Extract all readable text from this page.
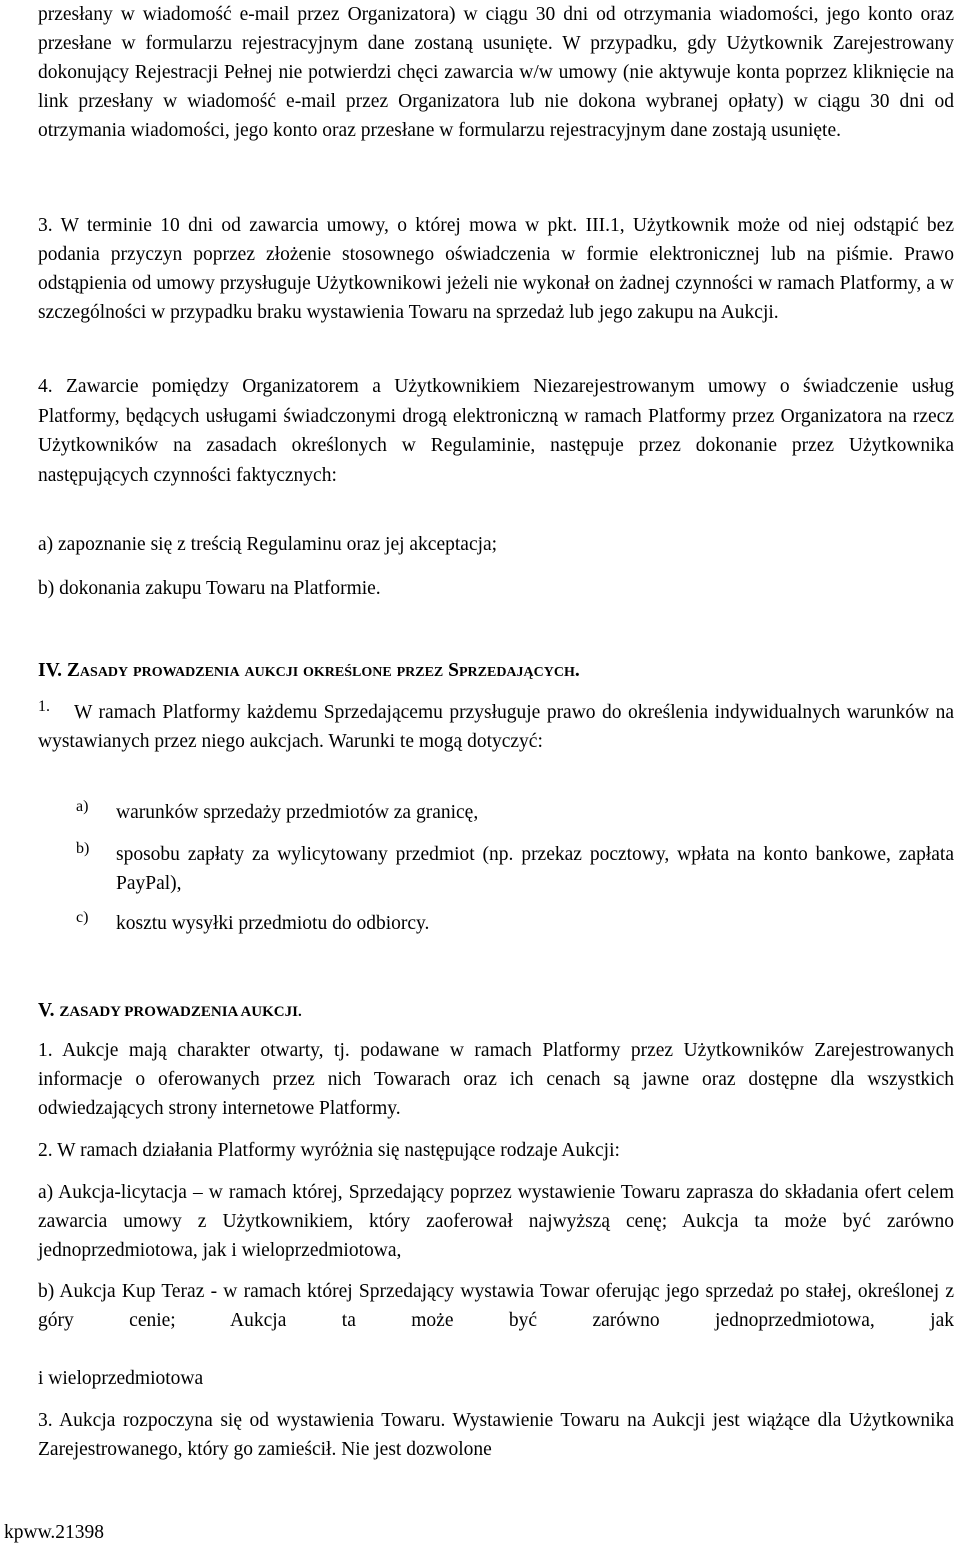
przesłany w wiadomość e-mail przez Organizatora) w ciągu 30 dni od otrzymania wiadomości, jego konto oraz przesłane w formularzu rejestracyjnym dane zostaną usunięte. W przypadku, gdy Użytkownik Zarejestrowany dokonujący Rejestracji Pełnej nie potwierdzi chęci zawarcia w/w umowy (nie aktywuje konta poprzez kliknięcie na link przesłany w wiadomość e-mail przez Organizatora lub nie dokona wybranej opłaty) w ciągu 30 dni od otrzymania wiadomości, jego konto oraz przesłane w formularzu rejestracyjnym dane zostają usunięte.

3. W terminie 10 dni od zawarcia umowy, o której mowa w pkt. III.1, Użytkownik może od niej odstąpić bez podania przyczyn poprzez złożenie stosownego oświadczenia w formie elektronicznej lub na piśmie. Prawo odstąpienia od umowy przysługuje Użytkownikowi jeżeli nie wykonał on żadnej czynności w ramach Platformy, a w szczególności w przypadku braku wystawienia Towaru na sprzedaż lub jego zakupu na Aukcji.

4. Zawarcie pomiędzy Organizatorem a Użytkownikiem Niezarejestrowanym umowy o świadczenie usług Platformy, będących usługami świadczonymi drogą elektroniczną w ramach Platformy przez Organizatora na rzecz Użytkowników na zasadach określonych w Regulaminie, następuje przez dokonanie przez Użytkownika następujących czynności faktycznych:

a) zapoznanie się z treścią Regulaminu oraz jej akceptacja;

b) dokonania zakupu Towaru na Platformie.

IV. Zasady prowadzenia aukcji określone przez Sprzedających.
1.	W ramach Platformy każdemu Sprzedającemu przysługuje prawo do określenia indywidualnych warunków na wystawianych przez niego aukcjach. Warunki te mogą dotyczyć:

a)	warunków sprzedaży przedmiotów za granicę,

b)	sposobu zapłaty za wylicytowany przedmiot (np. przekaz pocztowy, wpłata na konto bankowe, zapłata PayPal),

c)	kosztu wysyłki przedmiotu do odbiorcy.

V. ZASADY PROWADZENIA AUKCJI.

1. Aukcje mają charakter otwarty, tj. podawane w ramach Platformy przez Użytkowników Zarejestrowanych informacje o oferowanych przez nich Towarach oraz ich cenach są jawne oraz dostępne dla wszystkich odwiedzających strony internetowe Platformy.

2. W ramach działania Platformy wyróżnia się następujące rodzaje Aukcji:

a) Aukcja-licytacja – w ramach której, Sprzedający poprzez wystawienie Towaru zaprasza do składania ofert celem zawarcia umowy z Użytkownikiem, który zaoferował najwyższą cenę; Aukcja ta może być zarówno jednoprzedmiotowa, jak i wieloprzedmiotowa,

b) Aukcja Kup Teraz - w ramach której Sprzedający wystawia Towar oferując jego sprzedaż po stałej, określonej z góry cenie; Aukcja ta może być zarówno jednoprzedmiotowa, jak

i wieloprzedmiotowa

3. Aukcja rozpoczyna się od wystawienia Towaru. Wystawienie Towaru na Aukcji jest wiążące dla Użytkownika Zarejestrowanego, który go zamieścił. Nie jest dozwolone

kpww.21398
